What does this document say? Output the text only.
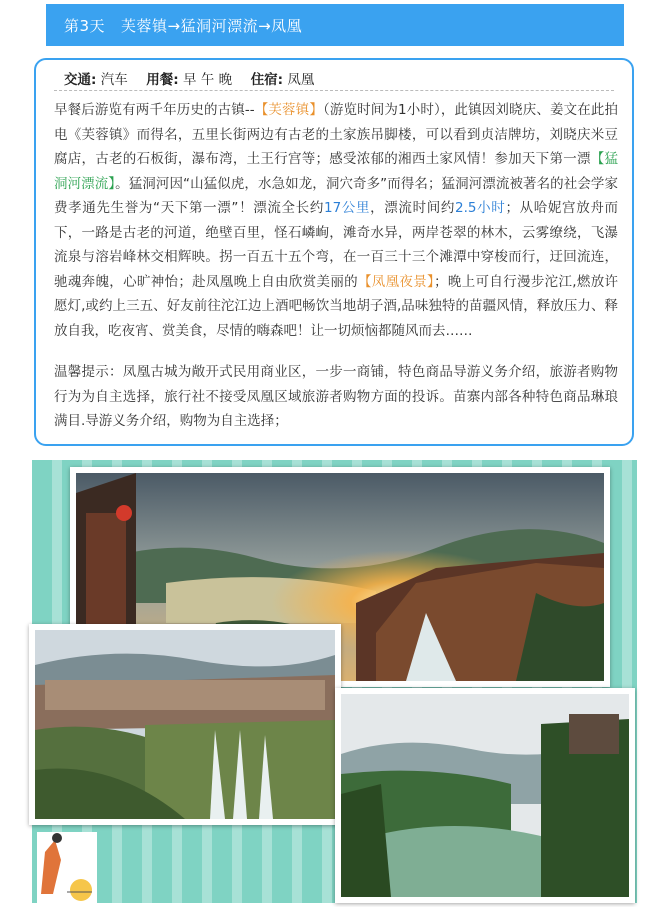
第3天 芙蓉镇→猛洞河漂流→凤凰
交通: 汽车 用餐: 早 午 晚 住宿: 凤凰
早餐后游览有两千年历史的古镇--【芙蓉镇】（游览时间为1小时），此镇因刘晓庆、姜文在此拍电《芙蓉镇》而得名，五里长街两边有古老的土家族吊脚楼，可以看到贞洁牌坊，刘晓庆米豆腐店，古老的石板街，瀑布湾，土王行宫等；感受浓郁的湘西土家风情！参加天下第一漂【猛洞河漂流】。猛洞河因“山猛似虎，水急如龙，洞穴奇多”而得名；猛洞河漂流被著名的社会学家费孝通先生誉为“天下第一漂”！漂流全长约17公里，漂流时间约2.5小时；从哈妮宫放舟而下，一路是古老的河道，绝壁百里，怪石嶙峋，滩奇水异，两岸苍翠的林木，云雾缭绕，飞瀑流泉与溶岩峰林交相辉映。拐一百五十五个弯，在一百三十三个滩潭中穿梭而行，迂回流连，驰魂奔魄，心旷神怡；赴凤凰晚上自由欣赏美丽的【凤凰夜景】；晚上可自行漫步沱江,燃放许愿灯,或约上三五、好友前往沱江边上酒吧畅饮当地胡子酒,品味独特的苗疆风情，释放压力、释放自我，吃夜宵、赏美食，尽情的嗨森吧！让一切烦恼都随风而去……
温馨提示：凤凰古城为敞开式民用商业区，一步一商铺，特色商品导游义务介绍，旅游者购物行为为自主选择，旅行社不接受凤凰区域旅游者购物方面的投诉。苗寨内部各种特色商品琳琅满目.导游义务介绍，购物为自主选择；
